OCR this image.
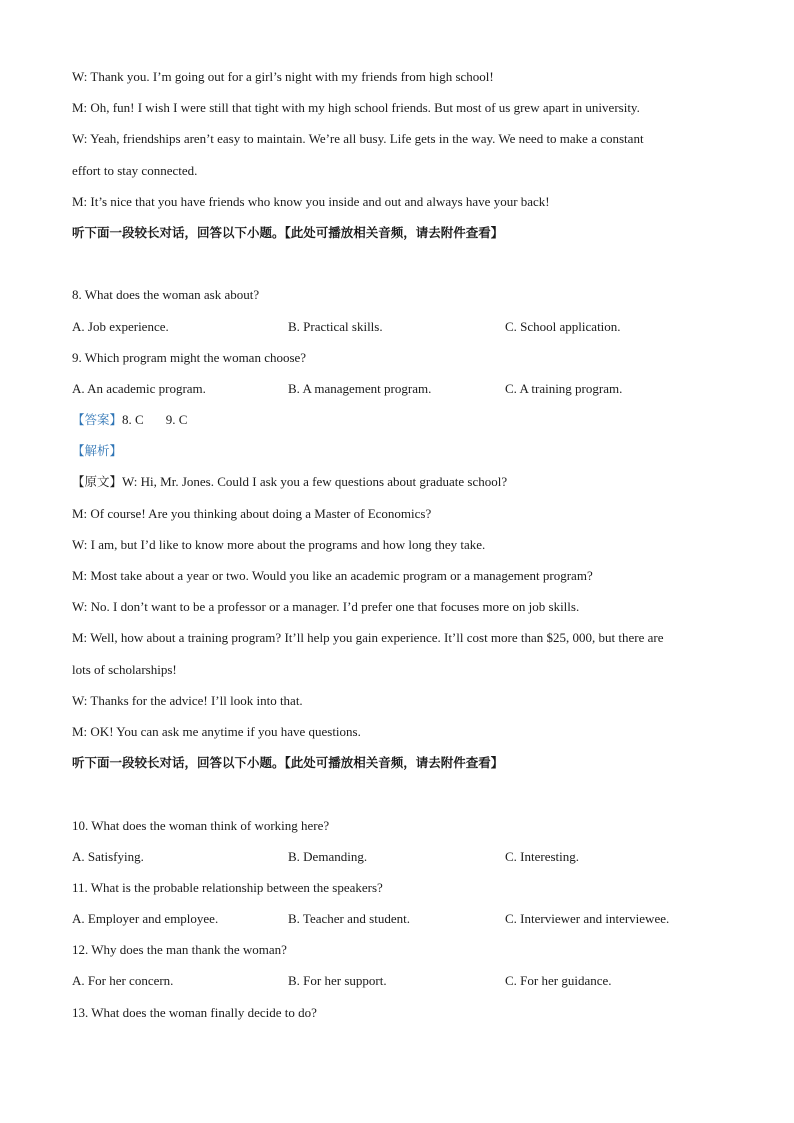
W: Thank you. I’m going out for a girl’s night with my friends from high school!
M: Oh, fun! I wish I were still that tight with my high school friends. But most of us grew apart in university.
W: Yeah, friendships aren’t easy to maintain. We’re all busy. Life gets in the way. We need to make a constant
effort to stay connected.
M: It’s nice that you have friends who know you inside and out and always have your back!
听下面一段较长对话，回答以下小题。【此处可播放相关音频，请去附件查看】
8. What does the woman ask about?
A. Job experience.	B. Practical skills.	C. School application.
9. Which program might the woman choose?
A. An academic program.	B. A management program.	C. A training program.
【答案】8. C 9. C
【解析】
【原文】W: Hi, Mr. Jones. Could I ask you a few questions about graduate school?
M: Of course! Are you thinking about doing a Master of Economics?
W: I am, but I’d like to know more about the programs and how long they take.
M: Most take about a year or two. Would you like an academic program or a management program?
W: No. I don’t want to be a professor or a manager. I’d prefer one that focuses more on job skills.
M: Well, how about a training program? It’ll help you gain experience. It’ll cost more than $25, 000, but there are
lots of scholarships!
W: Thanks for the advice! I’ll look into that.
M: OK! You can ask me anytime if you have questions.
听下面一段较长对话，回答以下小题。【此处可播放相关音频，请去附件查看】
10. What does the woman think of working here?
A. Satisfying.	B. Demanding.	C. Interesting.
11. What is the probable relationship between the speakers?
A. Employer and employee.	B. Teacher and student.	C. Interviewer and interviewee.
12. Why does the man thank the woman?
A. For her concern.	B. For her support.	C. For her guidance.
13. What does the woman finally decide to do?
